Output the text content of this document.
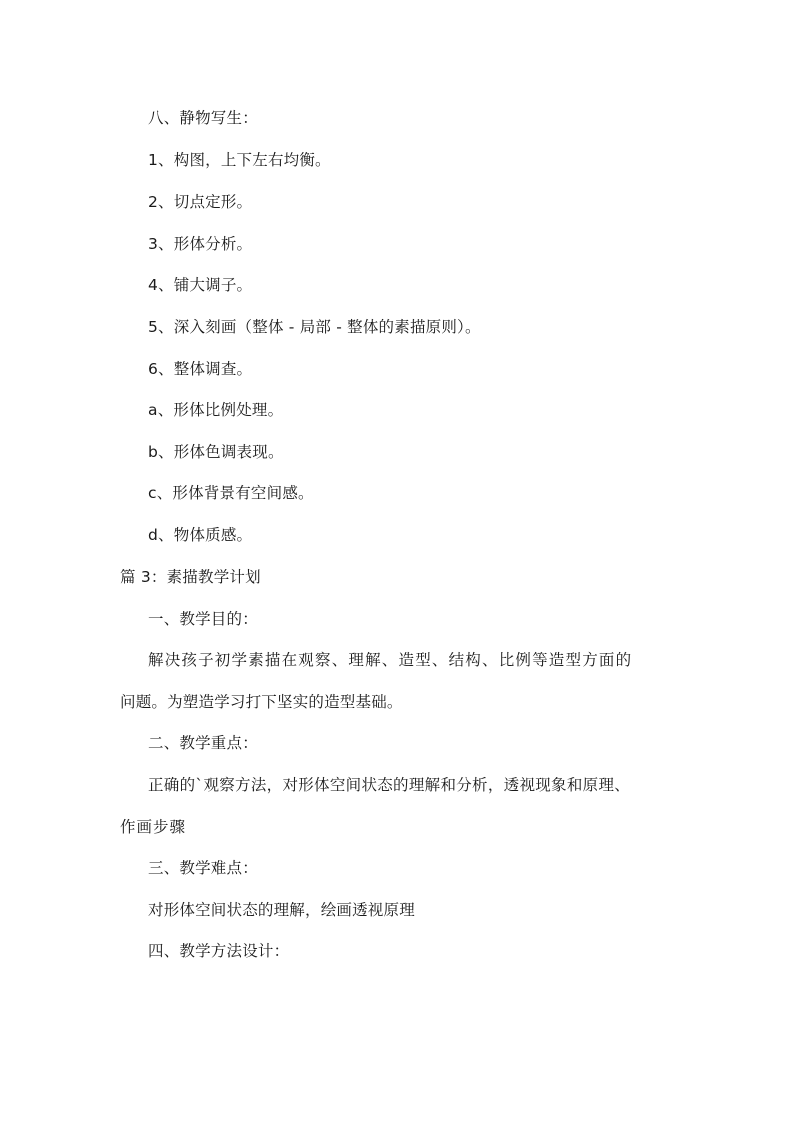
八、静物写生：
1、构图，上下左右均衡。
2、切点定形。
3、形体分析。
4、铺大调子。
5、深入刻画（整体 - 局部 - 整体的素描原则）。
6、整体调查。
a、形体比例处理。
b、形体色调表现。
c、形体背景有空间感。
d、物体质感。
篇 3：素描教学计划
一、教学目的：
解决孩子初学素描在观察、理解、造型、结构、比例等造型方面的
问题。为塑造学习打下坚实的造型基础。
二、教学重点：
正确的`观察方法，对形体空间状态的理解和分析，透视现象和原理、
作画步骤
三、教学难点：
对形体空间状态的理解，绘画透视原理
四、教学方法设计：
